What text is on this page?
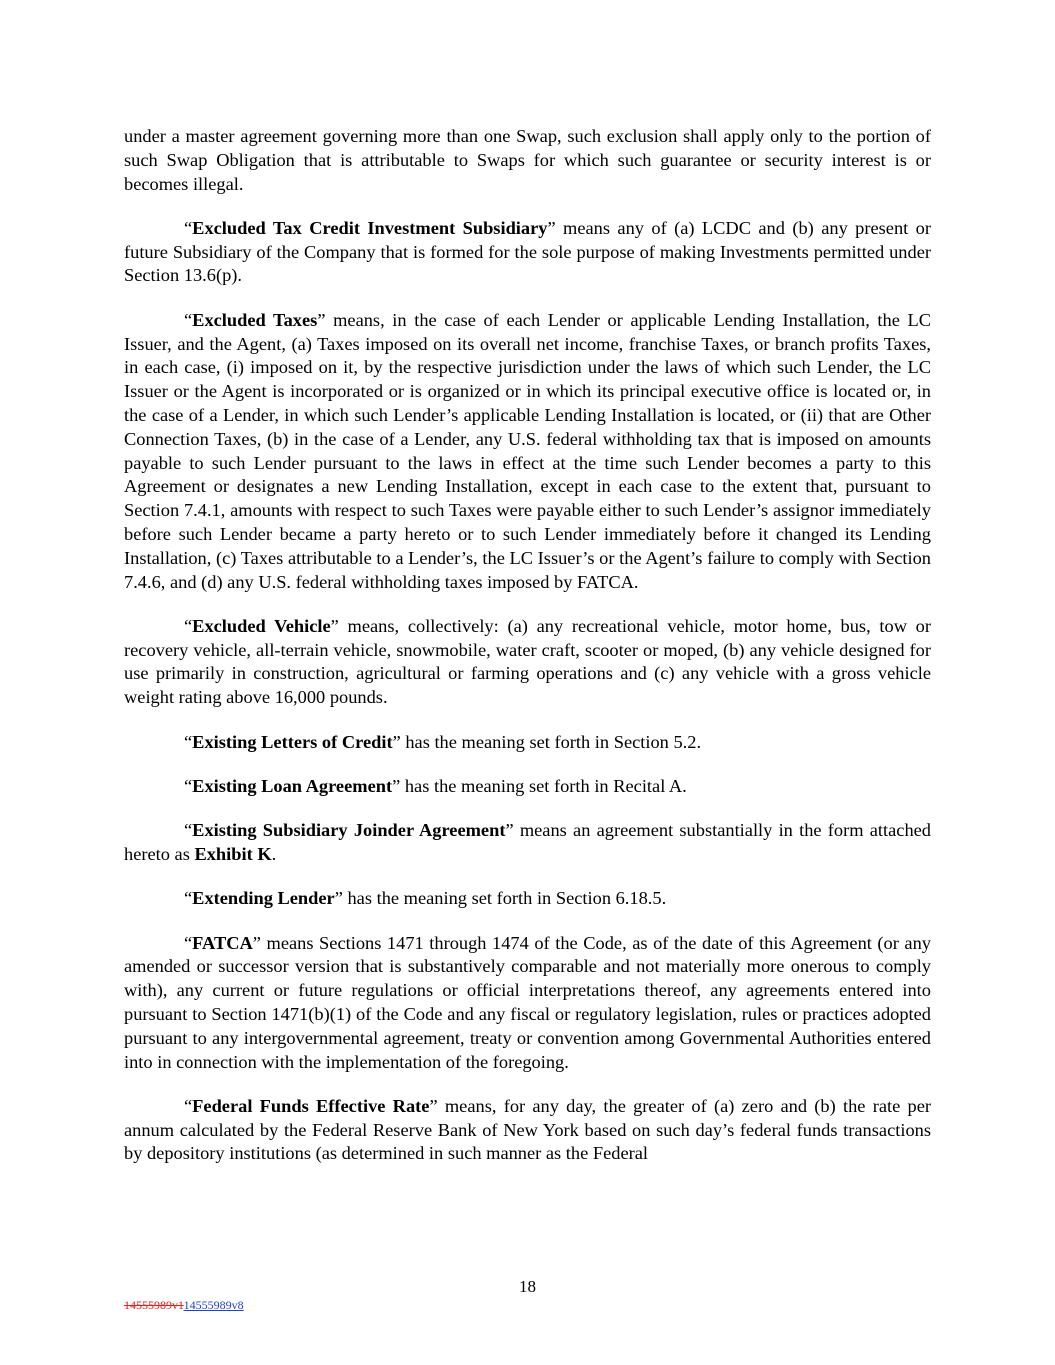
under a master agreement governing more than one Swap, such exclusion shall apply only to the portion of such Swap Obligation that is attributable to Swaps for which such guarantee or security interest is or becomes illegal.

“Excluded Tax Credit Investment Subsidiary” means any of (a) LCDC and (b) any present or future Subsidiary of the Company that is formed for the sole purpose of making Investments permitted under Section 13.6(p).

“Excluded Taxes” means, in the case of each Lender or applicable Lending Installation, the LC Issuer, and the Agent, (a) Taxes imposed on its overall net income, franchise Taxes, or branch profits Taxes, in each case, (i) imposed on it, by the respective jurisdiction under the laws of which such Lender, the LC Issuer or the Agent is incorporated or is organized or in which its principal executive office is located or, in the case of a Lender, in which such Lender’s applicable Lending Installation is located, or (ii) that are Other Connection Taxes, (b) in the case of a Lender, any U.S. federal withholding tax that is imposed on amounts payable to such Lender pursuant to the laws in effect at the time such Lender becomes a party to this Agreement or designates a new Lending Installation, except in each case to the extent that, pursuant to Section 7.4.1, amounts with respect to such Taxes were payable either to such Lender’s assignor immediately before such Lender became a party hereto or to such Lender immediately before it changed its Lending Installation, (c) Taxes attributable to a Lender’s, the LC Issuer’s or the Agent’s failure to comply with Section 7.4.6, and (d) any U.S. federal withholding taxes imposed by FATCA.

“Excluded Vehicle” means, collectively: (a) any recreational vehicle, motor home, bus, tow or recovery vehicle, all-terrain vehicle, snowmobile, water craft, scooter or moped, (b) any vehicle designed for use primarily in construction, agricultural or farming operations and (c) any vehicle with a gross vehicle weight rating above 16,000 pounds.

“Existing Letters of Credit” has the meaning set forth in Section 5.2.

“Existing Loan Agreement” has the meaning set forth in Recital A.

“Existing Subsidiary Joinder Agreement” means an agreement substantially in the form attached hereto as Exhibit K.

“Extending Lender” has the meaning set forth in Section 6.18.5.

“FATCA” means Sections 1471 through 1474 of the Code, as of the date of this Agreement (or any amended or successor version that is substantively comparable and not materially more onerous to comply with), any current or future regulations or official interpretations thereof, any agreements entered into pursuant to Section 1471(b)(1) of the Code and any fiscal or regulatory legislation, rules or practices adopted pursuant to any intergovernmental agreement, treaty or convention among Governmental Authorities entered into in connection with the implementation of the foregoing.

“Federal Funds Effective Rate” means, for any day, the greater of (a) zero and (b) the rate per annum calculated by the Federal Reserve Bank of New York based on such day’s federal funds transactions by depository institutions (as determined in such manner as the Federal

18
14555989v114555989v8
